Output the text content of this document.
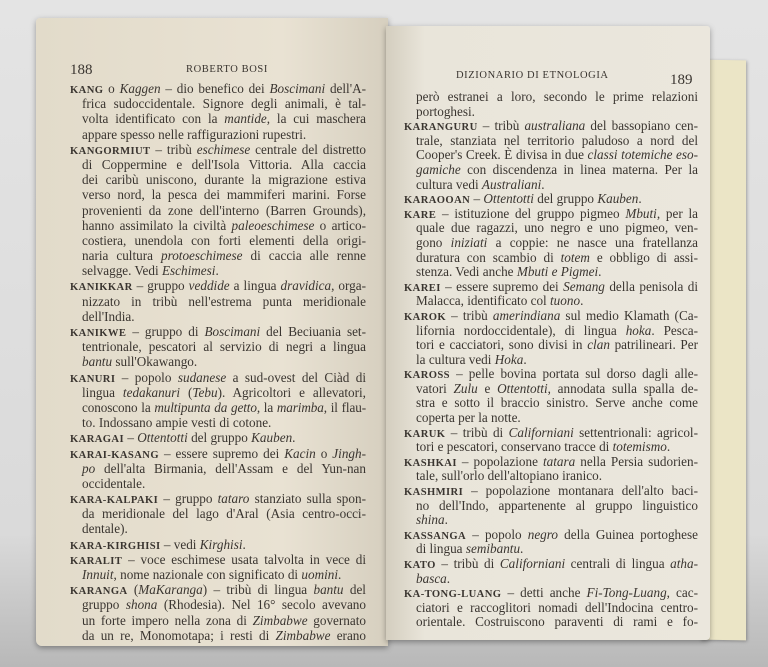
188	ROBERTO BOSI
KANG o Kaggen – dio benefico dei Boscimani dell'A-
frica sudoccidentale. Signore degli animali, è tal-
volta identificato con la mantide, la cui maschera
appare spesso nelle raffigurazioni rupestri.
KANGORMIUT – tribù eschimese centrale del distretto
di Coppermine e dell'Isola Vittoria. Alla caccia
dei caribù uniscono, durante la migrazione estiva
verso nord, la pesca dei mammiferi marini. Forse
provenienti da zone dell'interno (Barren Grounds),
hanno assimilato la civiltà paleoeschimese o artico-
costiera, unendola con forti elementi della origi-
naria cultura protoeschimese di caccia alle renne
selvagge. Vedi Eschimesi.
KANIKKAR – gruppo veddide a lingua dravidica, orga-
nizzato in tribù nell'estrema punta meridionale
dell'India.
KANIKWE – gruppo di Boscimani del Beciuania set-
tentrionale, pescatori al servizio di negri a lingua
bantu sull'Okawango.
KANURI – popolo sudanese a sud-ovest del Ciàd di
lingua tedakanuri (Tebu). Agricoltori e allevatori,
conoscono la multipunta da getto, la marimba, il flau-
to. Indossano ampie vesti di cotone.
KARAGAI – Ottentotti del gruppo Kauben.
KARAI-KASANG – essere supremo dei Kacin o Jingh-
po dell'alta Birmania, dell'Assam e del Yun-nan
occidentale.
KARA-KALPAKI – gruppo tataro stanziato sulla spon-
da meridionale del lago d'Aral (Asia centro-occi-
dentale).
KARA-KIRGHISI – vedi Kirghisi.
KARALIT – voce eschimese usata talvolta in vece di
Innuit, nome nazionale con significato di uomini.
KARANGA (MaKaranga) – tribù di lingua bantu del
gruppo shona (Rhodesia). Nel 16° secolo avevano
un forte impero nella zona di Zimbabwe governato
da un re, Monomotapa; i resti di Zimbabwe erano
DIZIONARIO DI ETNOLOGIA	189
però estranei a loro, secondo le prime relazioni
portoghesi.
KARANGURU – tribù australiana del bassopiano cen-
trale, stanziata nel territorio paludoso a nord del
Cooper's Creek. È divisa in due classi totemiche eso-
gamiche con discendenza in linea materna. Per la
cultura vedi Australiani.
KARAOOAN – Ottentotti del gruppo Kauben.
KARE – istituzione del gruppo pigmeo Mbuti, per la
quale due ragazzi, uno negro e uno pigmeo, ven-
gono iniziati a coppie: ne nasce una fratellanza
duratura con scambio di totem e obbligo di assi-
stenza. Vedi anche Mbuti e Pigmei.
KAREI – essere supremo dei Semang della penisola di
Malacca, identificato col tuono.
KAROK – tribù amerindiana sul medio Klamath (Ca-
lifornia nordoccidentale), di lingua hoka. Pesca-
tori e cacciatori, sono divisi in clan patrilineari. Per
la cultura vedi Hoka.
KAROSS – pelle bovina portata sul dorso dagli alle-
vatori Zulu e Ottentotti, annodata sulla spalla de-
stra e sotto il braccio sinistro. Serve anche come
coperta per la notte.
KARUK – tribù di Californiani settentrionali: agricol-
tori e pescatori, conservano tracce di totemismo.
KASHKAI – popolazione tatara nella Persia sudorien-
tale, sull'orlo dell'altopiano iranico.
KASHMIRI – popolazione montanara dell'alto baci-
no dell'Indo, appartenente al gruppo linguistico
shina.
KASSANGA – popolo negro della Guinea portoghese
di lingua semibantu.
KATO – tribù di Californiani centrali di lingua atha-
basca.
KA-TONG-LUANG – detti anche Fi-Tong-Luang, cac-
ciatori e raccoglitori nomadi dell'Indocina centro-
orientale. Costruiscono paraventi di rami e fo-
